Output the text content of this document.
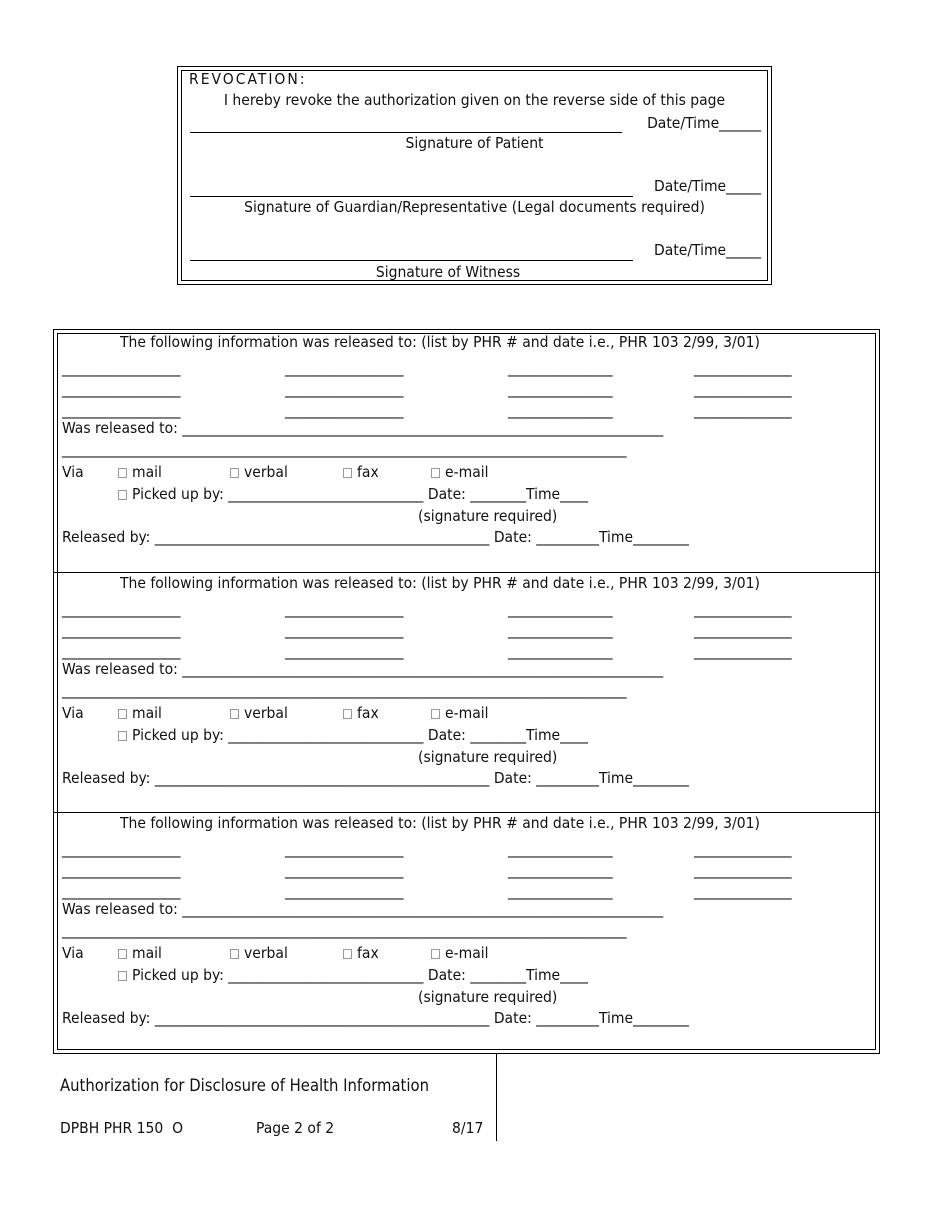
REVOCATION:
I hereby revoke the authorization given on the reverse side of this page
Date/Time______
Signature of Patient
Date/Time_____
Signature of Guardian/Representative (Legal documents required)
Date/Time_____
Signature of Witness
The following information was released to: (list by PHR # and date i.e., PHR 103 2/99, 3/01)
_________________	_________________	_______________	______________
_________________	_________________	_______________	______________
_________________	_________________	_______________	______________
Was released to: _____________________________________________________________________
_________________________________________________________________________________
Via	mail	verbal	fax	e-mail
Picked up by: ____________________________ Date: ________Time____
(signature required)
Released by: ________________________________________________ Date: _________Time________
The following information was released to: (list by PHR # and date i.e., PHR 103 2/99, 3/01)
_________________	_________________	_______________	______________
_________________	_________________	_______________	______________
_________________	_________________	_______________	______________
Was released to: _____________________________________________________________________
_________________________________________________________________________________
Via	mail	verbal	fax	e-mail
Picked up by: ____________________________ Date: ________Time____
(signature required)
Released by: ________________________________________________ Date: _________Time________
The following information was released to: (list by PHR # and date i.e., PHR 103 2/99, 3/01)
_________________	_________________	_______________	______________
_________________	_________________	_______________	______________
_________________	_________________	_______________	______________
Was released to: _____________________________________________________________________
_________________________________________________________________________________
Via	mail	verbal	fax	e-mail
Picked up by: ____________________________ Date: ________Time____
(signature required)
Released by: ________________________________________________ Date: _________Time________
Authorization for Disclosure of Health Information
DPBH PHR 150  O	Page 2 of 2	8/17
